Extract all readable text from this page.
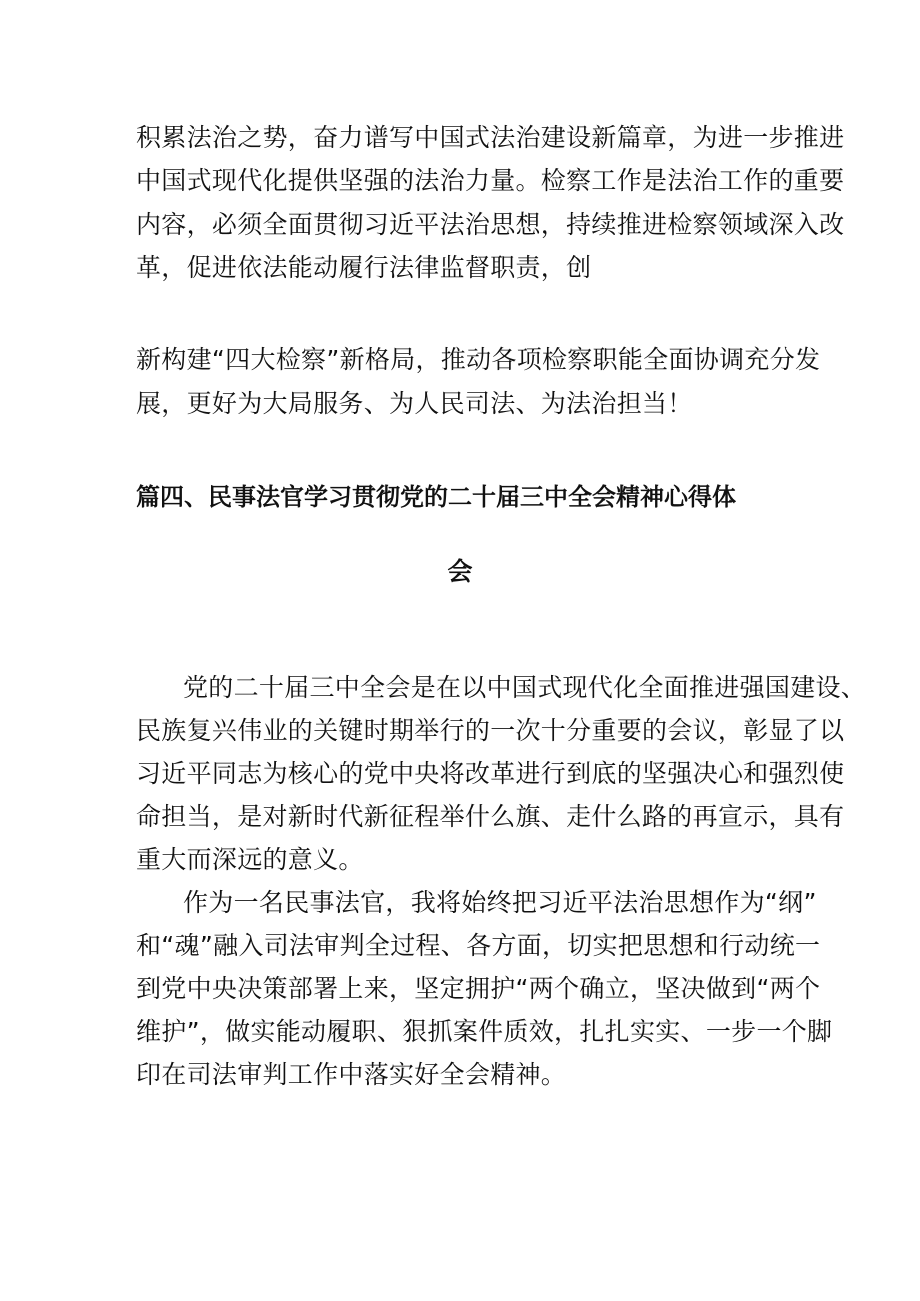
积累法治之势，奋力谱写中国式法治建设新篇章，为进一步推进
中国式现代化提供坚强的法治力量。检察工作是法治工作的重要
内容，必须全面贯彻习近平法治思想，持续推进检察领域深入改
革，促进依法能动履行法律监督职责，创
新构建“四大检察”新格局，推动各项检察职能全面协调充分发
展，更好为大局服务、为人民司法、为法治担当！
篇四、民事法官学习贯彻党的二十届三中全会精神心得体
会
党的二十届三中全会是在以中国式现代化全面推进强国建设、
民族复兴伟业的关键时期举行的一次十分重要的会议，彰显了以
习近平同志为核心的党中央将改革进行到底的坚强决心和强烈使
命担当，是对新时代新征程举什么旗、走什么路的再宣示，具有
重大而深远的意义。
作为一名民事法官，我将始终把习近平法治思想作为“纲”
和“魂”融入司法审判全过程、各方面，切实把思想和行动统一
到党中央决策部署上来，坚定拥护“两个确立，坚决做到“两个
维护”，做实能动履职、狠抓案件质效，扎扎实实、一步一个脚
印在司法审判工作中落实好全会精神。
